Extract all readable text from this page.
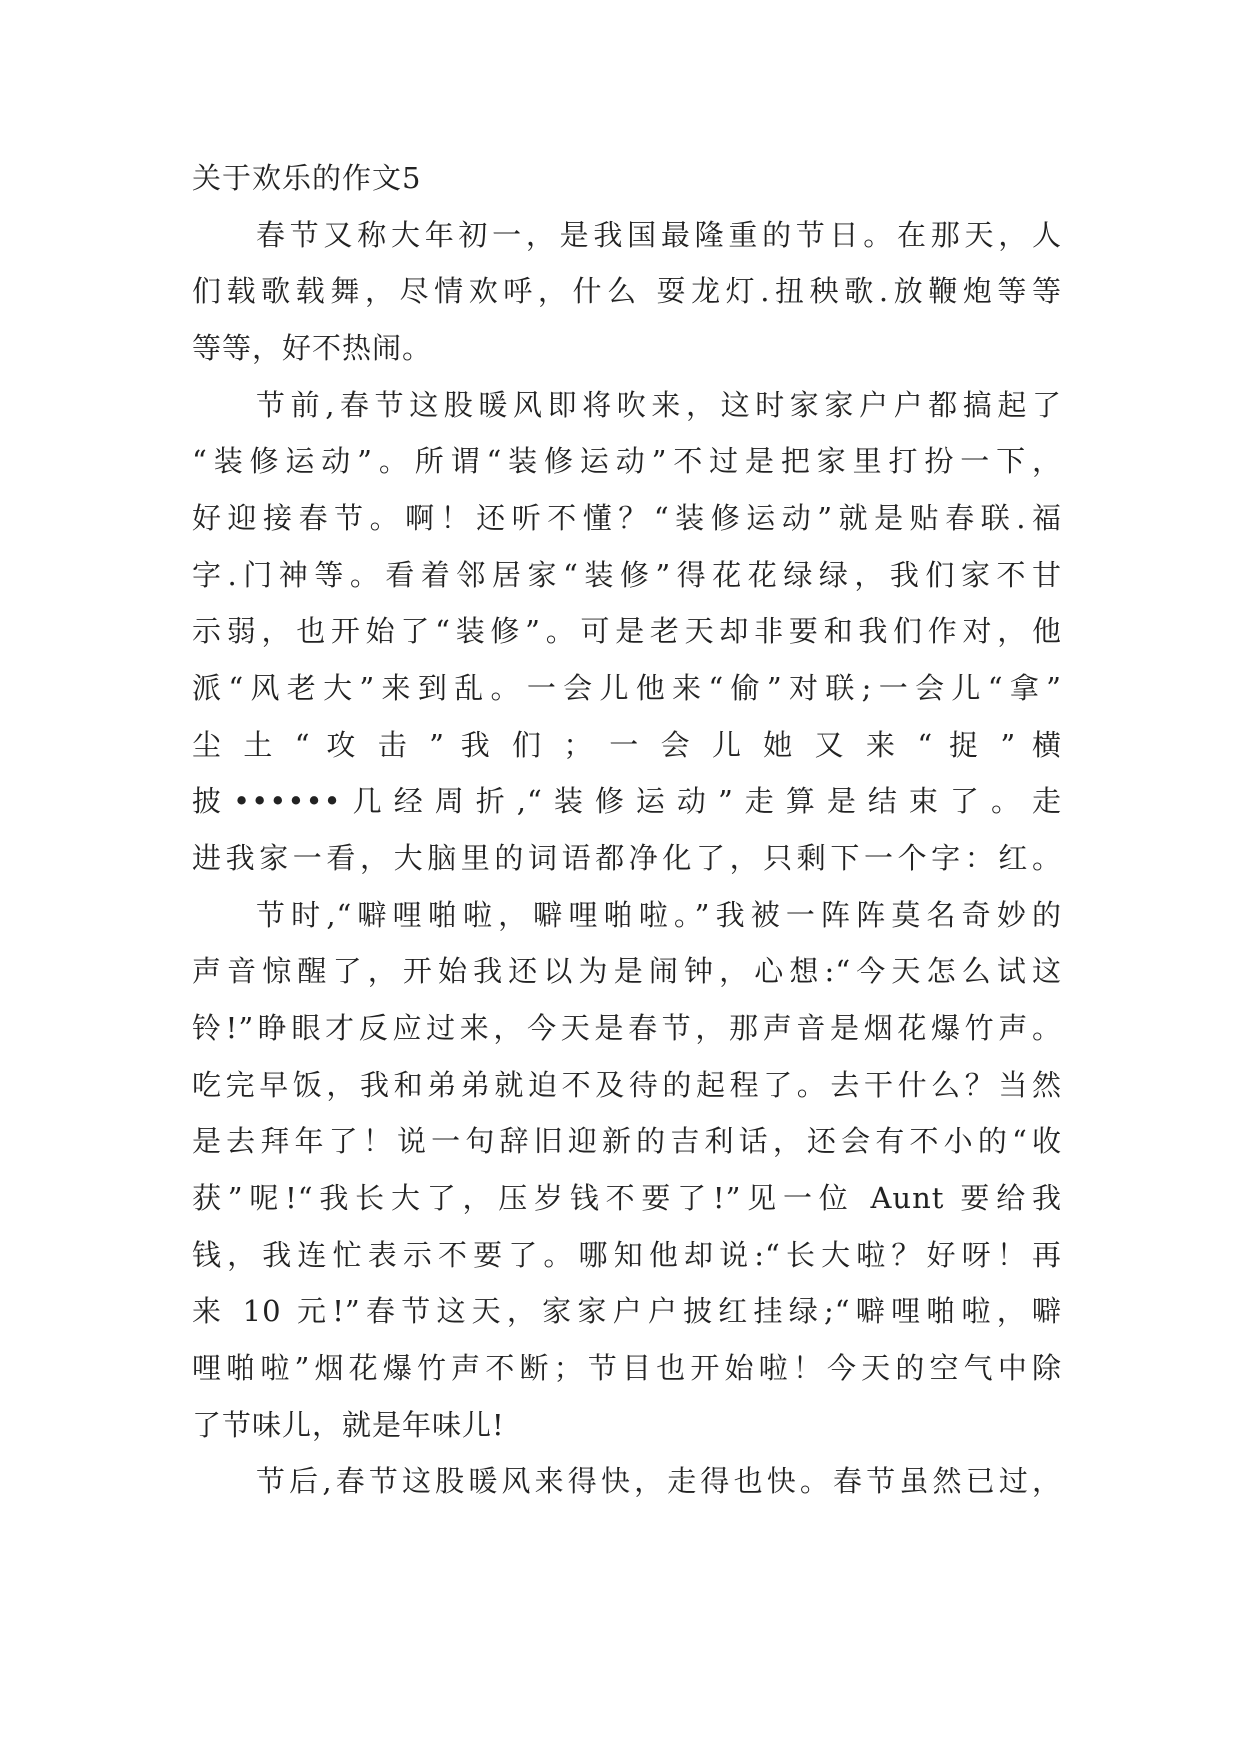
关于欢乐的作文5

春节又称大年初一，是我国最隆重的节日。在那天，人

们载歌载舞，尽情欢呼，什么 耍龙灯.扭秧歌.放鞭炮等等

等等，好不热闹。

节前,春节这股暖风即将吹来，这时家家户户都搞起了

“装修运动”。所谓“装修运动”不过是把家里打扮一下，

好迎接春节。啊！还听不懂？“装修运动”就是贴春联.福

字.门神等。看着邻居家“装修”得花花绿绿，我们家不甘

示弱，也开始了“装修”。可是老天却非要和我们作对，他

派“风老大”来到乱。一会儿他来“偷”对联;一会儿“拿”

尘 土 “ 攻 击 ” 我 们 ； 一 会 儿 她 又 来 “ 捉 ” 横

披••••••几经周折,“装修运动”走算是结束了。走

进我家一看，大脑里的词语都净化了，只剩下一个字：红。

节时,“噼哩啪啦，噼哩啪啦。”我被一阵阵莫名奇妙的

声音惊醒了，开始我还以为是闹钟，心想:“今天怎么试这

铃!”睁眼才反应过来，今天是春节，那声音是烟花爆竹声。

吃完早饭，我和弟弟就迫不及待的起程了。去干什么？当然

是去拜年了！说一句辞旧迎新的吉利话，还会有不小的“收

获”呢!“我长大了，压岁钱不要了!”见一位 Aunt 要给我

钱，我连忙表示不要了。哪知他却说:“长大啦？好呀！再

来 10 元!”春节这天，家家户户披红挂绿;“噼哩啪啦，噼

哩啪啦”烟花爆竹声不断；节目也开始啦！今天的空气中除

了节味儿，就是年味儿!

节后,春节这股暖风来得快，走得也快。春节虽然已过，
